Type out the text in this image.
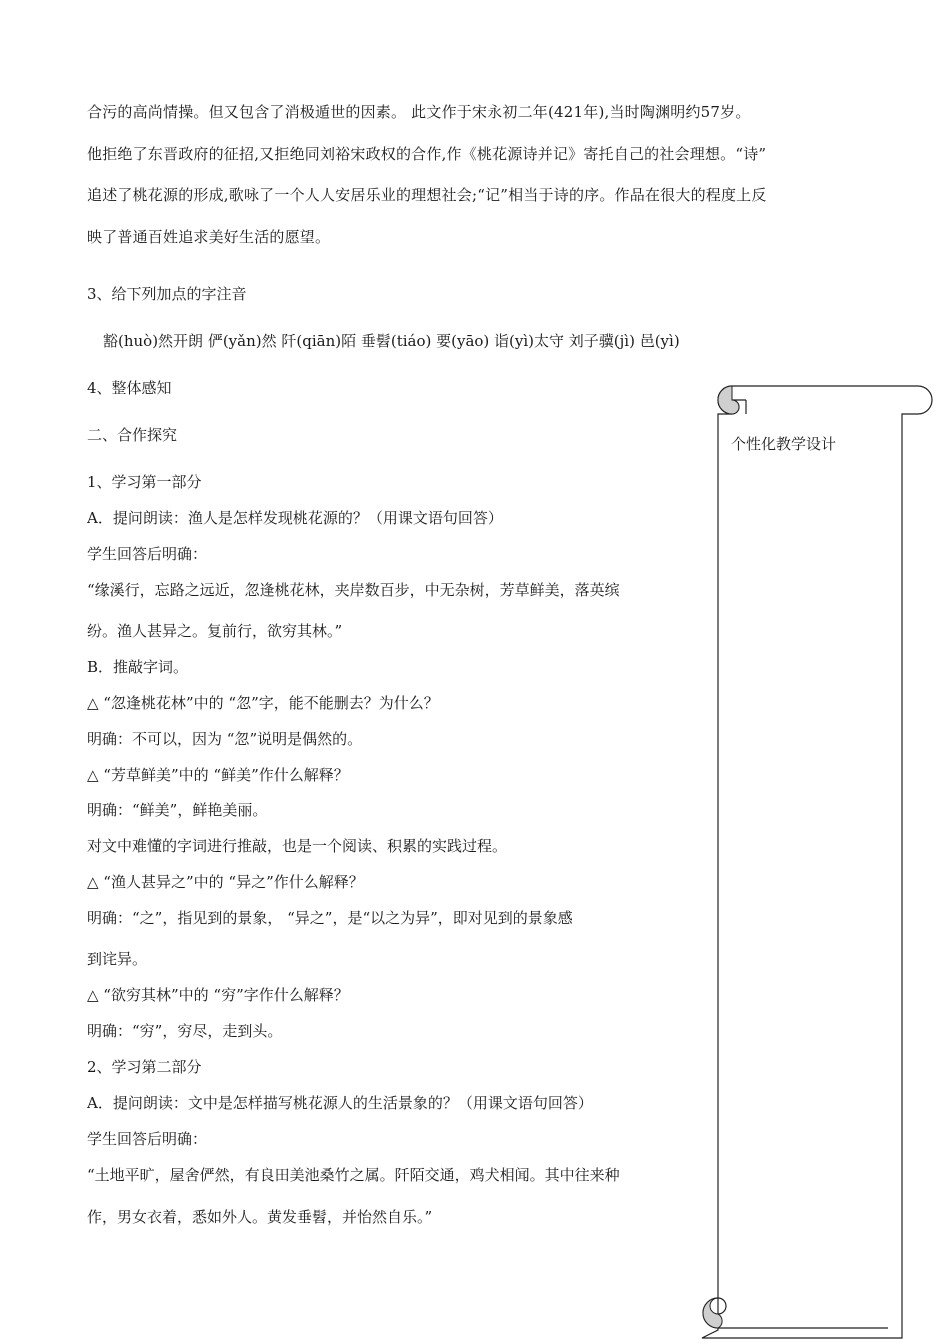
合污的高尚情操。但又包含了消极遁世的因素。 此文作于宋永初二年(421年),当时陶渊明约57岁。
他拒绝了东晋政府的征招,又拒绝同刘裕宋政权的合作,作《桃花源诗并记》寄托自己的社会理想。“诗”
追述了桃花源的形成,歌咏了一个人人安居乐业的理想社会;“记”相当于诗的序。作品在很大的程度上反
映了普通百姓追求美好生活的愿望。
3、给下列加点的字注音
豁(huò)然开朗 俨(yǎn)然 阡(qiān)陌 垂髫(tiáo) 要(yāo) 诣(yì)太守 刘子骥(jì) 邑(yì)
4、整体感知
二、合作探究
1、学习第一部分
A．提问朗读：渔人是怎样发现桃花源的？（用课文语句回答）
学生回答后明确：
“缘溪行，忘路之远近，忽逢桃花林，夹岸数百步，中无杂树，芳草鲜美，落英缤
纷。渔人甚异之。复前行，欲穷其林。”
B．推敲字词。
△ “忽逢桃花林”中的 “忽”字，能不能删去？为什么？
明确：不可以，因为 “忽”说明是偶然的。
△ “芳草鲜美”中的 “鲜美”作什么解释？
明确：“鲜美”，鲜艳美丽。
对文中难懂的字词进行推敲，也是一个阅读、积累的实践过程。
△ “渔人甚异之”中的 “异之”作什么解释？
明确：“之”，指见到的景象， “异之”，是“以之为异”，即对见到的景象感
到诧异。
△ “欲穷其林”中的 “穷”字作什么解释？
明确：“穷”，穷尽，走到头。
2、学习第二部分
A．提问朗读：文中是怎样描写桃花源人的生活景象的？（用课文语句回答）
学生回答后明确：
“土地平旷，屋舍俨然，有良田美池桑竹之属。阡陌交通，鸡犬相闻。其中往来种
作，男女衣着，悉如外人。黄发垂髫，并怡然自乐。”
个性化教学设计
